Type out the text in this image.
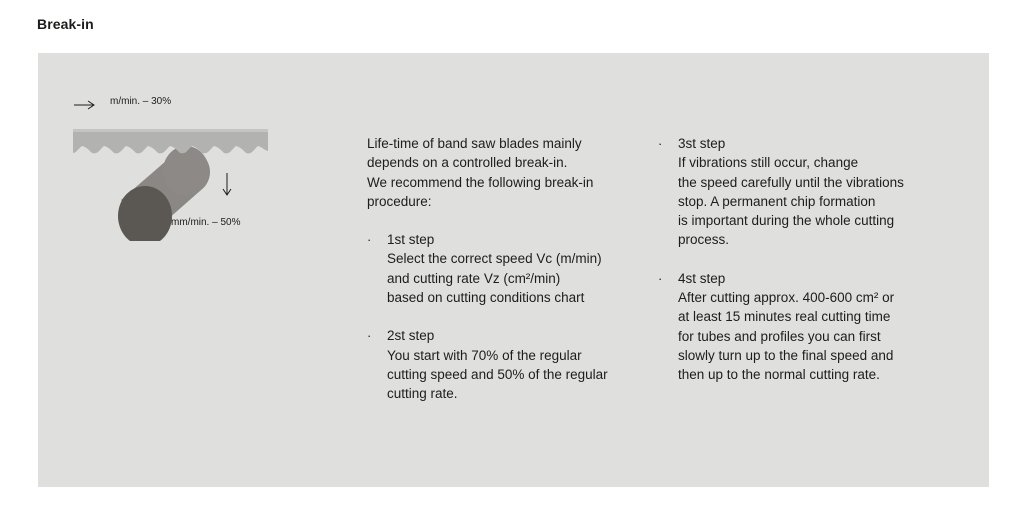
Break-in
m/min. – 30%
mm/min. – 50%

Life-time of band saw blades mainly
depends on a controlled break-in.
We recommend the following break-in
procedure:

·	1st step
Select the correct speed Vc (m/min)
and cutting rate Vz (cm²/min)
based on cutting conditions chart
·	2st step
You start with 70% of the regular
cutting speed and 50% of the regular
cutting rate.
·	3st step
If vibrations still occur, change
the speed carefully until the vibrations
stop. A permanent chip formation
is important during the whole cutting
process.
·	4st step
After cutting approx. 400-600 cm² or
at least 15 minutes real cutting time
for tubes and profiles you can first
slowly turn up to the final speed and
then up to the normal cutting rate.
